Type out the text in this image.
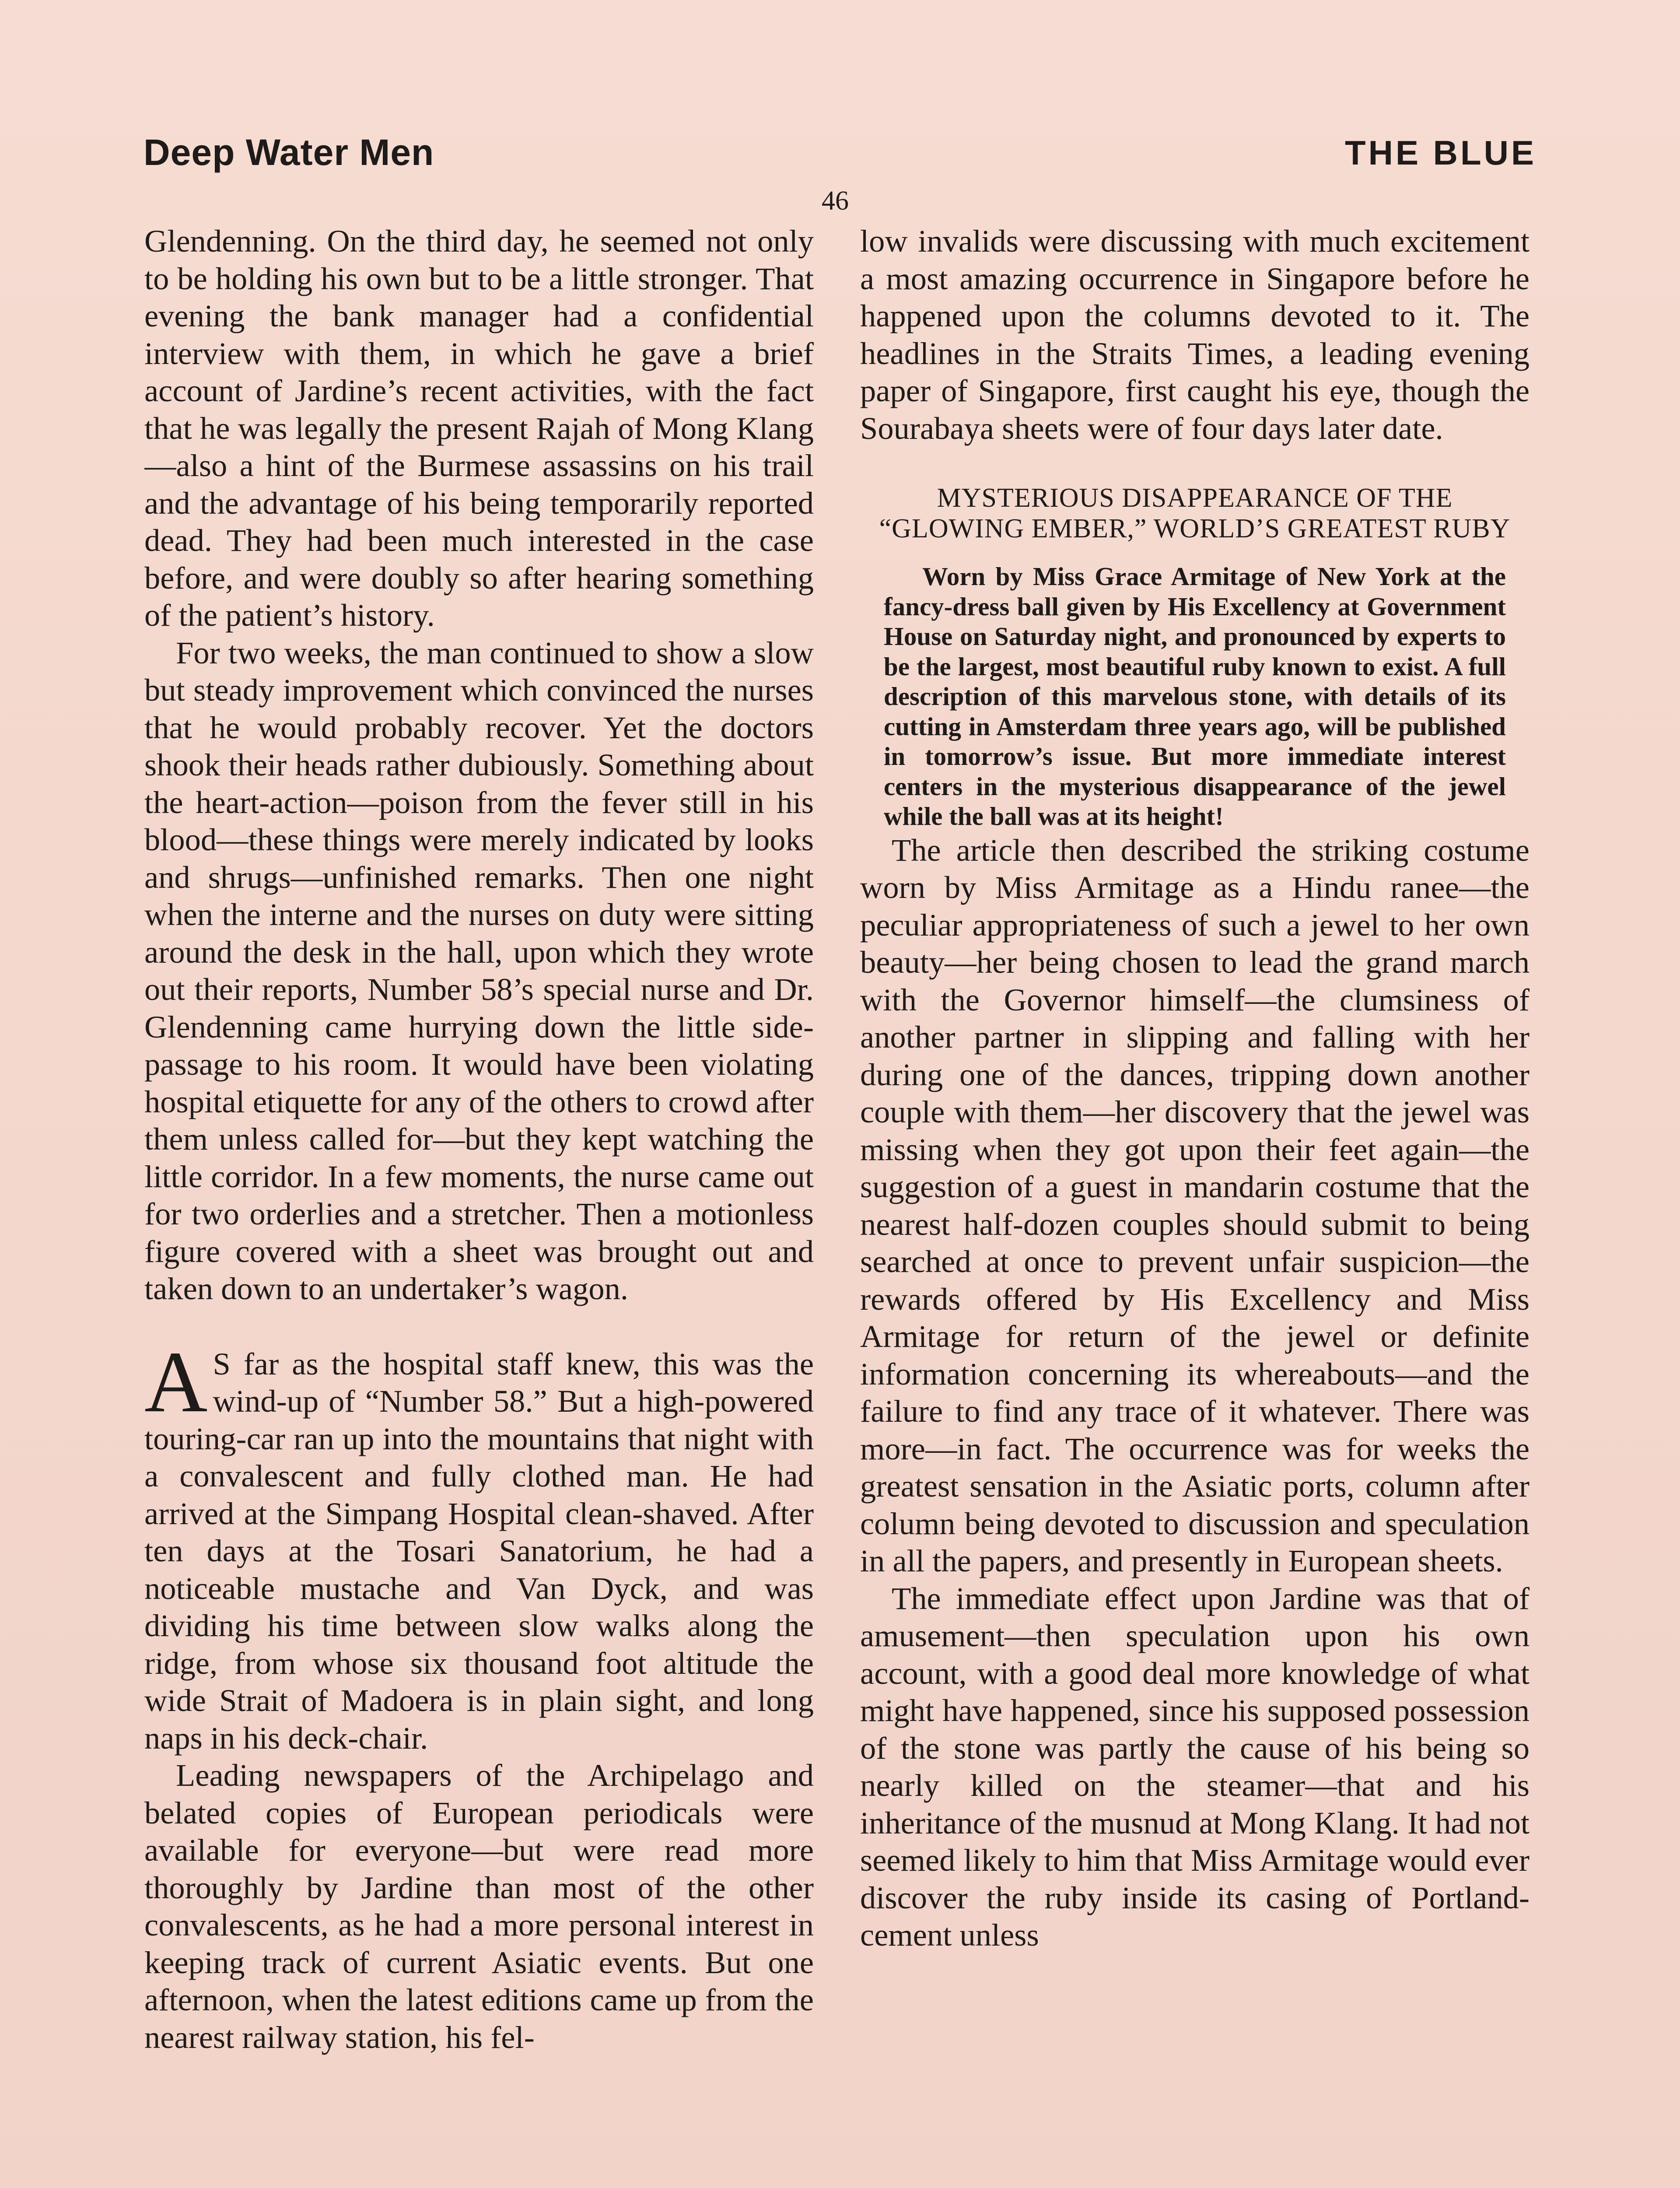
Deep Water Men	THE BLUE
46

Glendenning. On the third day, he seemed not only to be holding his own but to be a little stronger. That evening the bank manager had a confidential interview with them, in which he gave a brief account of Jardine’s recent activities, with the fact that he was legally the present Rajah of Mong Klang—also a hint of the Burmese assassins on his trail and the advantage of his being temporarily reported dead. They had been much interested in the case before, and were doubly so after hearing something of the patient’s history.

For two weeks, the man continued to show a slow but steady improvement which convinced the nurses that he would probably recover. Yet the doctors shook their heads rather dubiously. Something about the heart-action—poison from the fever still in his blood—these things were merely indicated by looks and shrugs—unfinished remarks. Then one night when the interne and the nurses on duty were sitting around the desk in the hall, upon which they wrote out their reports, Number 58’s special nurse and Dr. Glendenning came hurrying down the little side-passage to his room. It would have been violating hospital etiquette for any of the others to crowd after them unless called for—but they kept watching the little corridor. In a few moments, the nurse came out for two orderlies and a stretcher. Then a motionless figure covered with a sheet was brought out and taken down to an undertaker’s wagon.

AS far as the hospital staff knew, this was the wind-up of “Number 58.” But a high-powered touring-car ran up into the mountains that night with a convalescent and fully clothed man. He had arrived at the Simpang Hospital clean-shaved. After ten days at the Tosari Sanatorium, he had a noticeable mustache and Van Dyck, and was dividing his time between slow walks along the ridge, from whose six thousand foot altitude the wide Strait of Madoera is in plain sight, and long naps in his deck-chair.

Leading newspapers of the Archipelago and belated copies of European periodicals were available for everyone—but were read more thoroughly by Jardine than most of the other convalescents, as he had a more personal interest in keeping track of current Asiatic events. But one afternoon, when the latest editions came up from the nearest railway station, his fel-

low invalids were discussing with much excitement a most amazing occurrence in Singapore before he happened upon the columns devoted to it. The headlines in the Straits Times, a leading evening paper of Singapore, first caught his eye, though the Sourabaya sheets were of four days later date.

MYSTERIOUS DISAPPEARANCE OF THE “GLOWING EMBER,” WORLD’S GREATEST RUBY
Worn by Miss Grace Armitage of New York at the fancy-dress ball given by His Excellency at Government House on Saturday night, and pronounced by experts to be the largest, most beautiful ruby known to exist. A full description of this marvelous stone, with details of its cutting in Amsterdam three years ago, will be published in tomorrow’s issue. But more immediate interest centers in the mysterious disappearance of the jewel while the ball was at its height!

The article then described the striking costume worn by Miss Armitage as a Hindu ranee—the peculiar appropriateness of such a jewel to her own beauty—her being chosen to lead the grand march with the Governor himself—the clumsiness of another partner in slipping and falling with her during one of the dances, tripping down another couple with them—her discovery that the jewel was missing when they got upon their feet again—the suggestion of a guest in mandarin costume that the nearest half-dozen couples should submit to being searched at once to prevent unfair suspicion—the rewards offered by His Excellency and Miss Armitage for return of the jewel or definite information concerning its whereabouts—and the failure to find any trace of it whatever. There was more—in fact. The occurrence was for weeks the greatest sensation in the Asiatic ports, column after column being devoted to discussion and speculation in all the papers, and presently in European sheets.

The immediate effect upon Jardine was that of amusement—then speculation upon his own account, with a good deal more knowledge of what might have happened, since his supposed possession of the stone was partly the cause of his being so nearly killed on the steamer—that and his inheritance of the musnud at Mong Klang. It had not seemed likely to him that Miss Armitage would ever discover the ruby inside its casing of Portland-cement unless
